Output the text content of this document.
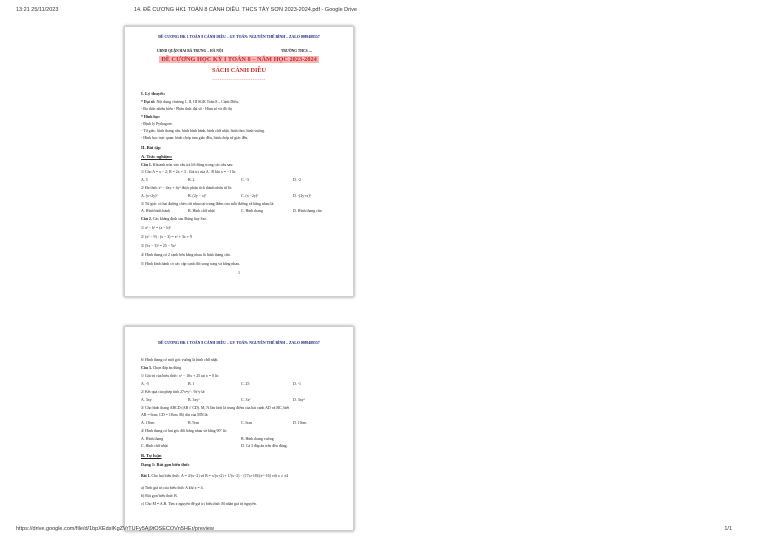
13:21 25/11/2023	14. ĐỀ CƯƠNG HK1 TOÁN 8 CÁNH DIỀU. THCS TÂY SƠN 2023-2024.pdf - Google Drive
ĐỀ CƯƠNG HK 1 TOÁN 8 CÁNH DIỀU – GV TOÁN: NGUYỄN THẾ BÌNH – ZALO 0989488557
UBND QUẬN HAI BÀ TRƯNG – HÀ NỘI	TRƯỜNG THCS ....
ĐỀ CƯƠNG HỌC KỲ I TOÁN 8 – NĂM HỌC 2023-2024
SÁCH CÁNH DIỀU
-----------------------------
I. Lý thuyết:
* Đại số: Nội dung chương 1, II, III SGK Toán 8 – Cánh Diều.
- Đa thức nhiều biến - Phân thức đại số - Hàm số và đồ thị
* Hình học:
- Định lý Pythagore.
- Tứ giác: hình thang cân, hình bình hành, hình chữ nhật, hình thoi, hình vuông.
- Hình học trực quan: hình chóp tam giác đều, hình chóp tứ giác đều.
II. Bài tập
A. Trắc nghiệm:
Câu 1. Khoanh tròn vào câu trả lời đúng trong các câu sau:
1/ Cho A = x − 2; B = 2x + 3 . Giá trị của A . B khi x = −1 là:
A. 5	B. 2	C. -3	D. -2
2/ Đa thức x² − 4xy + 4y² được phân tích thành nhân tử là:
A. (x+2y)²	B. (2y − x)²	C. (x −2y)²	D. -(2y+x)²
3/ Tứ giác có hai đường chéo cắt nhau tại trung điểm của mỗi đường và bằng nhau là:
A. Hình bình hành	B. Hình chữ nhật	C. Hình thang	D. Hình thang cân
Câu 2. Các khẳng định sau Đúng hay Sai:
1/ a² − b² = (a − b)²
2/ (x² − 9) : (x − 3) = x² + 3x + 9
3/ (5x − 3)² = 25 − 5x²
4/ Hình thang có 2 cạnh bên bằng nhau là hình thang cân.
5/ Hình bình hành có các cặp cạnh đối song song và bằng nhau.
1
ĐỀ CƯƠNG HK 1 TOÁN 8 CÁNH DIỀU – GV TOÁN: NGUYỄN THẾ BÌNH – ZALO 0989488557
6/ Hình thang có một góc vuông là hình chữ nhật.
Câu 3. Chọn đáp án đúng
1/ Giá trị của biểu thức: x² − 10x + 25 tại x = 0 là:
A. -5	B. 1	C. 25	D. -1
2/ Kết quả của phép tính 27x⁴y² : 9x²y là:
A. 3xy	B. 3xy²	C. 3x²	D. 3xy²
3/ Cho hình thang ABCD (AB // CD). M, N lần lượt là trung điểm của hai cạnh AD và BC, biết
AB = 6cm; CD = 18cm. Độ dài của MN là:
A. 18cm	B. 9cm	C. 6cm	D. 10cm
4/ Hình thang có hai góc đối bằng nhau và bằng 90° là:
A. Hình thang	B. Hình thang vuông
C. Hình chữ nhật	D. Cả 3 đáp án trên đều đúng.
B. Tự luận
Dạng 1: Rút gọn biểu thức
Bài 1. Cho hai biểu thức: A = 4/(x−2) và B = x/(x+2) + 1/(x−2) − (17x+18)/(x²−16) với x ≠ ±4
a) Tính giá trị của biểu thức A khi x = 4.
b) Rút gọn biểu thức B.
c) Cho M = A.B. Tìm x nguyên để giá trị biểu thức M nhận giá trị nguyên.
https://drive.google.com/file/d/1bpXEdsIKgZVrTUFy5Aj9tOSECOVn5HEr/preview	1/1
